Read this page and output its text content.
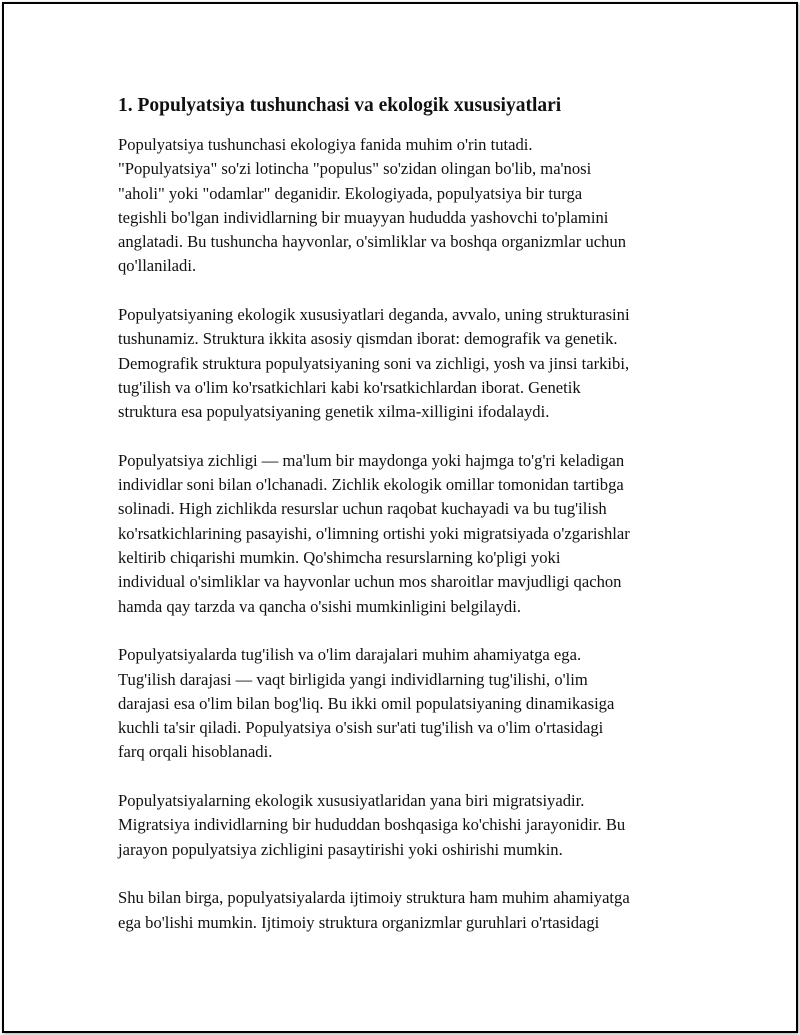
1. Populyatsiya tushunchasi va ekologik xususiyatlari

Populyatsiya tushunchasi ekologiya fanida muhim o'rin tutadi.
"Populyatsiya" so'zi lotincha "populus" so'zidan olingan bo'lib, ma'nosi
"aholi" yoki "odamlar" deganidir. Ekologiyada, populyatsiya bir turga
tegishli bo'lgan individlarning bir muayyan hududda yashovchi to'plamini
anglatadi. Bu tushuncha hayvonlar, o'simliklar va boshqa organizmlar uchun
qo'llaniladi.

Populyatsiyaning ekologik xususiyatlari deganda, avvalo, uning strukturasini
tushunamiz. Struktura ikkita asosiy qismdan iborat: demografik va genetik.
Demografik struktura populyatsiyaning soni va zichligi, yosh va jinsi tarkibi,
tug'ilish va o'lim ko'rsatkichlari kabi ko'rsatkichlardan iborat. Genetik
struktura esa populyatsiyaning genetik xilma-xilligini ifodalaydi.

Populyatsiya zichligi — ma'lum bir maydonga yoki hajmga to'g'ri keladigan
individlar soni bilan o'lchanadi. Zichlik ekologik omillar tomonidan tartibga
solinadi. High zichlikda resurslar uchun raqobat kuchayadi va bu tug'ilish
ko'rsatkichlarining pasayishi, o'limning ortishi yoki migratsiyada o'zgarishlar
keltirib chiqarishi mumkin. Qo'shimcha resurslarning ko'pligi yoki
individual o'simliklar va hayvonlar uchun mos sharoitlar mavjudligi qachon
hamda qay tarzda va qancha o'sishi mumkinligini belgilaydi.

Populyatsiyalarda tug'ilish va o'lim darajalari muhim ahamiyatga ega.
Tug'ilish darajasi — vaqt birligida yangi individlarning tug'ilishi, o'lim
darajasi esa o'lim bilan bog'liq. Bu ikki omil populatsiyaning dinamikasiga
kuchli ta'sir qiladi. Populyatsiya o'sish sur'ati tug'ilish va o'lim o'rtasidagi
farq orqali hisoblanadi.

Populyatsiyalarning ekologik xususiyatlaridan yana biri migratsiyadir.
Migratsiya individlarning bir hududdan boshqasiga ko'chishi jarayonidir. Bu
jarayon populyatsiya zichligini pasaytirishi yoki oshirishi mumkin.

Shu bilan birga, populyatsiyalarda ijtimoiy struktura ham muhim ahamiyatga
ega bo'lishi mumkin. Ijtimoiy struktura organizmlar guruhlari o'rtasidagi
